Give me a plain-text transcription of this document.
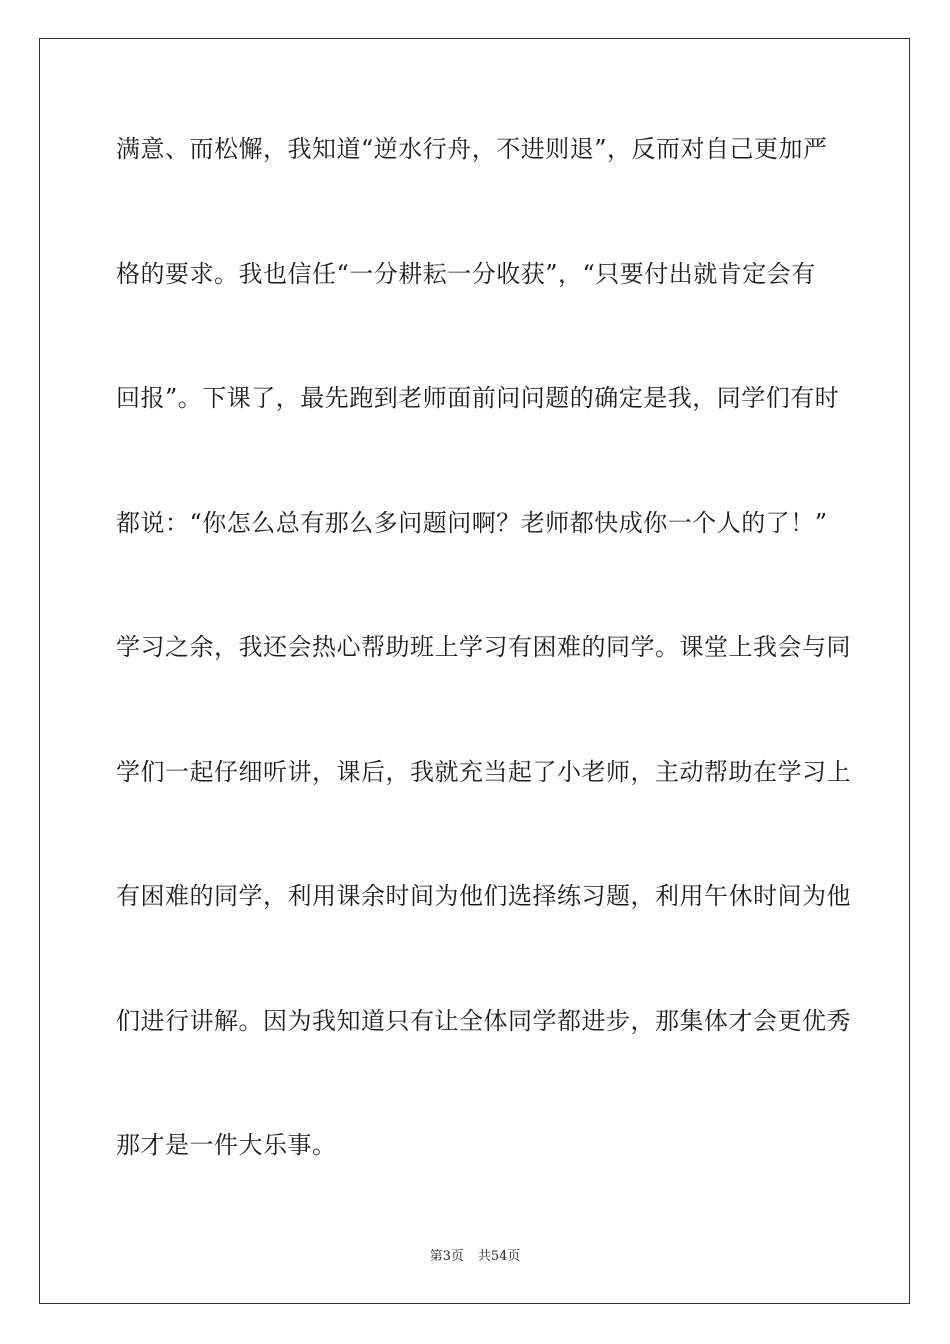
满意、而松懈，我知道“逆水行舟，不进则退”，反而对自己更加严
格的要求。我也信任“一分耕耘一分收获”，“只要付出就肯定会有
回报”。下课了，最先跑到老师面前问问题的确定是我，同学们有时
都说：“你怎么总有那么多问题问啊？老师都快成你一个人的了！”
学习之余，我还会热心帮助班上学习有困难的同学。课堂上我会与同
学们一起仔细听讲，课后，我就充当起了小老师，主动帮助在学习上
有困难的同学，利用课余时间为他们选择练习题，利用午休时间为他
们进行讲解。因为我知道只有让全体同学都进步，那集体才会更优秀
那才是一件大乐事。
第3页 共54页
